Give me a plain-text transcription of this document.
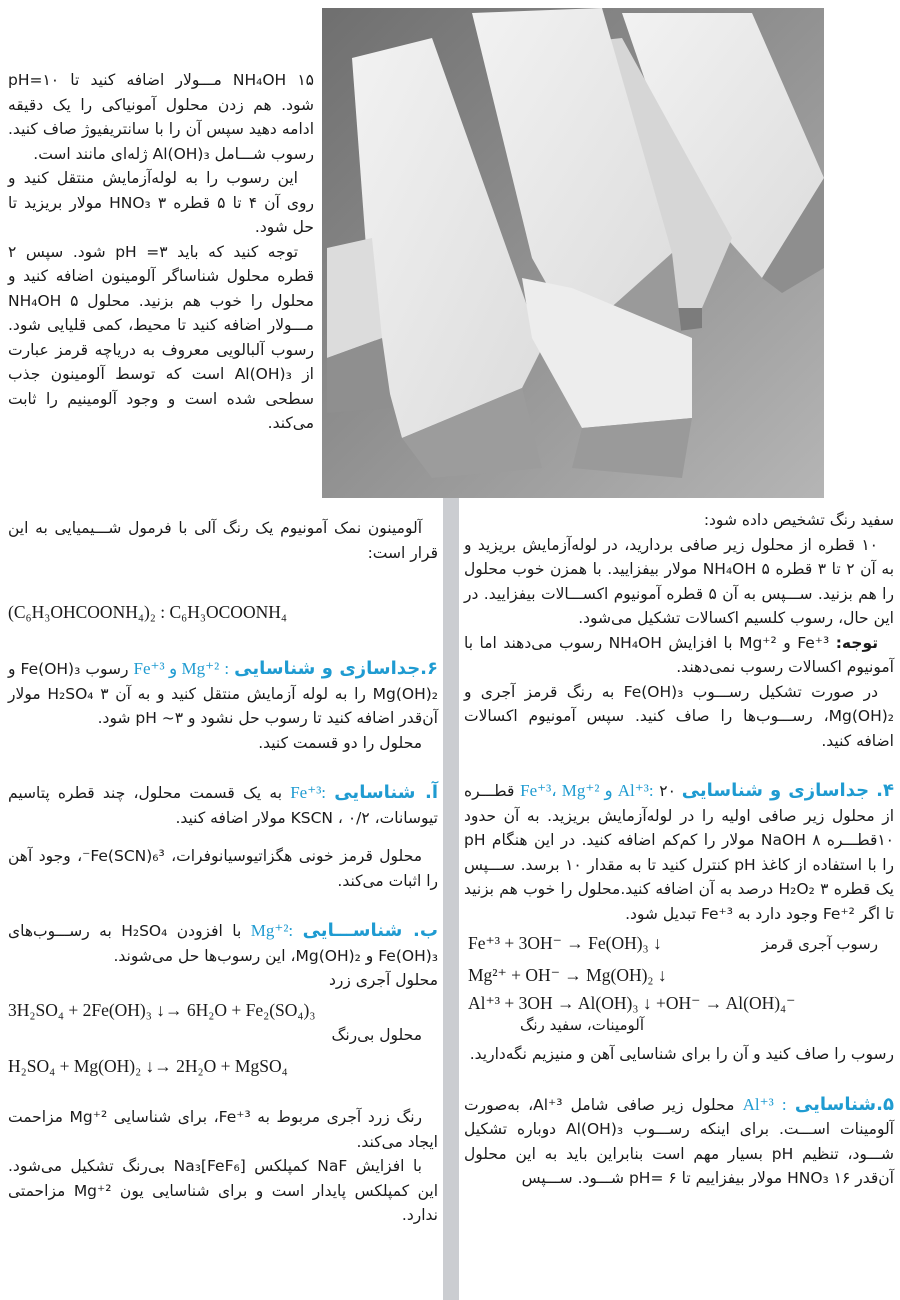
NH₄OH ۱۵ مـــولار اضافه کنید تا pH=۱۰ شود. هم زدن محلول آمونیاکی را یک دقیقه ادامه دهید سپس آن را با سانتریفیوژ صاف کنید. رسوب شـــامل Al(OH)₃ ژله‌ای مانند است.

این رسوب را به لوله‌آزمایش منتقل کنید و روی آن ۴ تا ۵ قطره HNO₃ ۳ مولار بریزید تا حل شود.

توجه کنید که باید pH =۳ شود. سپس ۲ قطره محلول شناساگر آلومینون اضافه کنید و محلول را خوب هم بزنید. محلول NH₄OH ۵ مـــولار اضافه کنید تا محیط، کمی قلیایی شود. رسوب آلبالویی معروف به دریاچه قرمز عبارت از Al(OH)₃ است که توسط آلومینون جذب سطحی شده است و وجود آلومینیم را ثابت می‌کند.

آلومینون نمک آمونیوم یک رنگ آلی با فرمول شـــیمیایی به این قرار است:

(C₆H₃OHCOONH₄)₂ : C₆H₃OCOONH₄

۶.جداسازی و شناسایی Fe⁺³ و Mg⁺² : رسوب Fe(OH)₃ و Mg(OH)₂ را به لوله آزمایش منتقل کنید و به آن H₂SO₄ ۳ مولار آن‌قدر اضافه کنید تا رسوب حل نشود و pH ~۳ شود.

محلول را دو قسمت کنید.

آ. شناسایی Fe⁺³: به یک قسمت محلول، چند قطره پتاسیم تیوسانات، KSCN ، ۰/۲ مولار اضافه کنید.

محلول قرمز خونی هگزاتیوسیانوفرات، Fe(SCN)₆³⁻، وجود آهن را اثبات می‌کند.

ب. شناســـایی Mg⁺²: با افزودن H₂SO₄ به رســـوب‌های Fe(OH)₃ و Mg(OH)₂، این رسوب‌ها حل می‌شوند.

محلول آجری زرد

3H₂SO₄ + 2Fe(OH)₃ ↓→ 6H₂O + Fe₂(SO₄)₃

محلول بی‌رنگ

H₂SO₄ + Mg(OH)₂ ↓→ 2H₂O + MgSO₄

رنگ زرد آجری مربوط به Fe⁺³، برای شناسایی Mg⁺² مزاحمت ایجاد می‌کند.

با افزایش NaF کمپلکس Na₃[FeF₆] بی‌رنگ تشکیل می‌شود. این کمپلکس پایدار است و برای شناسایی یون Mg⁺² مزاحمتی ندارد.

سفید رنگ تشخیص داده شود:

۱۰ قطره از محلول زیر صافی بردارید، در لوله‌آزمایش بریزید و به آن ۲ تا ۳ قطره NH₄OH ۵ مولار بیفزایید. با همزن خوب محلول را هم بزنید. ســـپس به آن ۵ قطره آمونیوم اکســـالات بیفزایید. در این حال، رسوب کلسیم اکسالات تشکیل می‌شود.

توجه: Fe⁺³ و Mg⁺² با افزایش NH₄OH رسوب می‌دهند اما با آمونیوم اکسالات رسوب نمی‌دهند.

در صورت تشکیل رســـوب Fe(OH)₃ به رنگ قرمز آجری و Mg(OH)₂، رســـوب‌ها را صاف کنید. سپس آمونیوم اکسالات اضافه کنید.

۴. جداسازی و شناسایی Fe⁺³، Mg⁺² و Al⁺³: ۲۰ قطـــره از محلول زیر صافی اولیه را در لوله‌آزمایش بریزید. به آن حدود ۱۰قطـــره NaOH ۸ مولار را کم‌کم اضافه کنید. در این هنگام pH را با استفاده از کاغذ pH کنترل کنید تا به مقدار ۱۰ برسد. ســـپس یک قطره H₂O₂ ۳ درصد به آن اضافه کنید.محلول را خوب هم بزنید تا اگر Fe⁺² وجود دارد به Fe⁺³ تبدیل شود.

Fe⁺³ + 3OH⁻ → Fe(OH)₃ ↓	رسوب آجری قرمز
Mg²⁺ + OH⁻ → Mg(OH)₂ ↓
Al⁺³ + 3OH → Al(OH)₃ ↓ +OH⁻ → Al(OH)₄⁻
آلومینات، سفید رنگ

رسوب را صاف کنید و آن را برای شناسایی آهن و منیزیم نگه‌دارید.

۵.شناسایی Al⁺³ : محلول زیر صافی شامل Al⁺³، به‌صورت آلومینات اســـت. برای اینکه رســـوب Al(OH)₃ دوباره تشکیل شـــود، تنظیم pH بسیار مهم است بنابراین باید به این محلول آن‌قدر HNO₃ ۱۶ مولار بیفزاییم تا pH= ۶ شـــود. ســـپس
